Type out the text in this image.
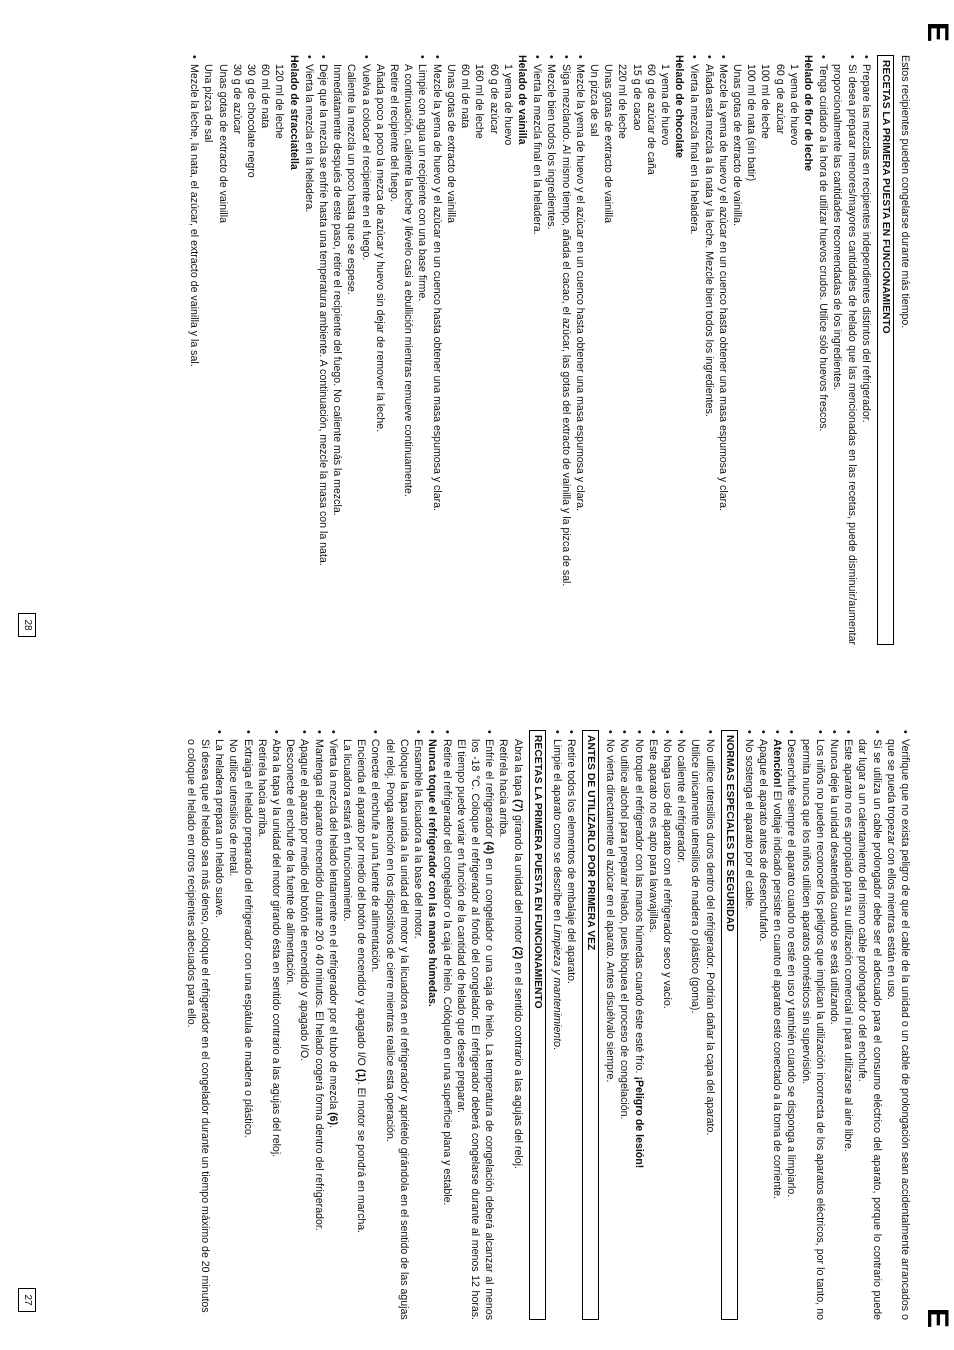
E

Estos recipientes pueden congelarse durante más tiempo.

RECETAS LA PRIMERA PUESTA EN FUNCIONAMIENTO
• Prepare las mezclas en recipientes independientes distintos del refrigerador.
• Si desea preparar menores/mayores cantidades de helado que las mencionadas en las recetas, puede disminuir/aumentar proporcionalmente las cantidades recomendadas de los ingredientes.
• Tenga cuidado a la hora de utilizar huevos crudos. Utilice sólo huevos frescos.

Helado de flor de leche

1 yema de huevo

60 g de azúcar

100 ml de leche

100 ml de nata (sin batir)

Unas gotas de extracto de vainilla.

• Mezcle la yema de huevo y el azúcar en un cuenco hasta obtener una masa espumosa y clara.
• Añada esta mezcla a la nata y la leche. Mezcle bien todos los ingredientes.
• Vierta la mezcla final en la heladera.

Helado de chocolate

1 yema de huevo

60 g de azúcar de caña

15 g de cacao

220 ml de leche

Unas gotas de extracto de vainilla

Un pizca de sal

• Mezcle la yema de huevo y el azúcar en un cuenco hasta obtener una masa espumosa y clara.
• Siga mezclando. Al mismo tiempo, añada el cacao, el azúcar, las gotas del extracto de vainilla y la pizca de sal.
• Mezcle bien todos los ingredientes.
• Vierta la mezcla final en la heladera.

Helado de vainilla

1 yema de huevo

60 g de azúcar

160 ml de leche

60 ml de nata

Unas gotas de extracto de vainilla

• Mezcle la yema de huevo y el azúcar en un cuenco hasta obtener una masa espumosa y clara.
• Limpie con agua un recipiente con una base firme.

A continuación, caliente la leche y llévelo casi a ebullición mientras remueve continuamente.

Retire el recipiente del fuego.

Añada poco a poco la mezca de azúcar y huevo sin dejar de remover la leche.

• Vuelva a colocar el recipiente en el fuego.

Caliente la mezcla un poco hasta que se espese.

Inmediatamente después de este paso, retire el recipiente del fuego. No caliente más la mezcla.

• Deje que la mezcla se enfríe hasta una temperatura ambiente. A continuación, mezcle la masa con la nata.
• Vierta la mezcla en la heladera.

Helado de stracciatella

120 ml de leche

60 ml de nata

30 g de chocolate negro

30 g de azúcar

Unas gotas de extracto de vainilla

Una pizca de sal

• Mezcle la leche, la nata, el azúcar, el extracto de vainilla y la sal.
28
E
• Verifique que no exista peligro de que el cable de la unidad o un cable de prolongación sean accidentalmente arrancados o que se pueda tropezar con ellos mientras están en uso.
• Si se utiliza un cable prolongador debe ser el adecuado para el consumo eléctrico del aparato, porque lo contrario puede dar lugar a un calentamiento del mismo cable prolongador o del enchufe.
• Este aparato no es apropiado para su utilización comercial ni para utilizarse al aire libre.
• Nunca deje la unidad desatendida cuando se está utilizando.
• Los niños no pueden reconocer los peligros que implican la utilización incorrecta de los aparatos eléctricos, por lo tanto, no permita nunca que los niños utilicen aparatos domésticos sin supervisión.
• Desenchufe siempre el aparato cuando no esté en uso y también cuando se disponga a limpiarlo.
• Atención! El voltaje indicado persiste en cuanto el aparato esté conectado a la toma de corriente.
• Apague el aparato antes de desenchufarlo.
• No sostenga el aparato por el cable.
NORMAS ESPECIALES DE SEGURIDAD
• No utilice utensilios duros dentro del refrigerador. Podrían dañar la capa del aparato.

Utilice únicamente utensilios de madera o plástico (goma).

• No caliente el refrigerador.
• No haga uso del aparato con el refrigerador seco y vacío.
• Este aparato no es apto para lavavajillas.
• No toque el refrigerador con las manos húmedas cuando éste esté frío. ¡Peligro de lesión!
• No utilice alcohol para preparar helado, pues bloquea el proceso de congelación.
• No vierta directamente el azúcar en el aparato. Antes disuélvalo siempre.
ANTES DE UTILIZARLO POR PRIMERA VEZ
• Retire todos los elementos de embalaje del aparato.
• Limpie el aparato como se describe en Limpieza y mantenimiento.
RECETAS LA PRIMERA PUESTA EN FUNCIONAMIENTO

Abra la tapa (7) girando la unidad del motor (2) en el sentido contrario a las agujas del reloj.

Retírela hacia arriba.

• Enfríe el refrigerador (4) en un congelador o una caja de hielo. La temperatura de congelación deberá alcanzar al menos los -18 °C. Coloque el refrigerador al fondo del congelador. El refrigerador deberá congelarse durante al menos 12 horas. El tiempo puede variar en función de la cantidad de helado que desee preparar.
• Retire el refrigerador del congelador o la caja de hielo. Colóquelo en una superficie plana y estable.
• Nunca toque el refrigerador con las manos húmedas.
• Ensamble la licuadora a la base del motor.

Coloque la tapa unida a la unidad del motor y la licuadora en el refrigerador y apriételo girándola en el sentido de las agujas del reloj. Ponga atención en los dispositivos de cierre mientras realice esta operación.

• Conecte el enchufe a una fuente de alimentación.

Encienda el aparato por medio del botón de encendido y apagado I/O (1). El motor se pondrá en marcha.

La licuadora estará en funcionamiento.

• Vierta la mezcla del helado lentamente en el refrigerador por el tubo de mezcla (6).
• Mantenga el aparato encendido durante 20 ó 40 minutos. El helado cogerá forma dentro del refrigerador.
• Apague el aparato por medio del botón de encendido y apagado I/O.

Desconecte el enchufe de la fuente de alimentación.

• Abra la tapa y la unidad del motor girando ésta en sentido contrario a las agujas del reloj.

Retírela hacia arriba.

• Extraiga el helado preparado del refrigerador con una espátula de madera o plástico.

No utilice utensilios de metal.

• La heladera prepara un helado suave.

Si desea que el helado sea más denso, coloque el refrigerador en el congelador durante un tiempo máximo de 20 minutos o coloque el helado en otros recipientes adecuados para ello.

27
